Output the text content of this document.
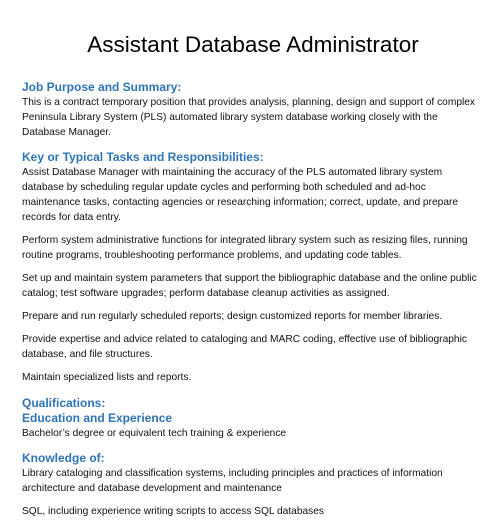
Assistant Database Administrator
Job Purpose and Summary:

This is a contract temporary position that provides analysis, planning, design and support of complex Peninsula Library System (PLS) automated library system database working closely with the Database Manager.

Key or Typical Tasks and Responsibilities:

Assist Database Manager with maintaining the accuracy of the PLS automated library system database by scheduling regular update cycles and performing both scheduled and ad-hoc maintenance tasks, contacting agencies or researching information; correct, update, and prepare records for data entry.

Perform system administrative functions for integrated library system such as resizing files, running routine programs, troubleshooting performance problems, and updating code tables.

Set up and maintain system parameters that support the bibliographic database and the online public catalog; test software upgrades; perform database cleanup activities as assigned.

Prepare and run regularly scheduled reports; design customized reports for member libraries.

Provide expertise and advice related to cataloging and MARC coding, effective use of bibliographic database, and file structures.

Maintain specialized lists and reports.

Qualifications:
Education and Experience

Bachelor’s degree or equivalent tech training & experience

Knowledge of:

Library cataloging and classification systems, including principles and practices of information architecture and database development and maintenance

SQL, including experience writing scripts to access SQL databases
